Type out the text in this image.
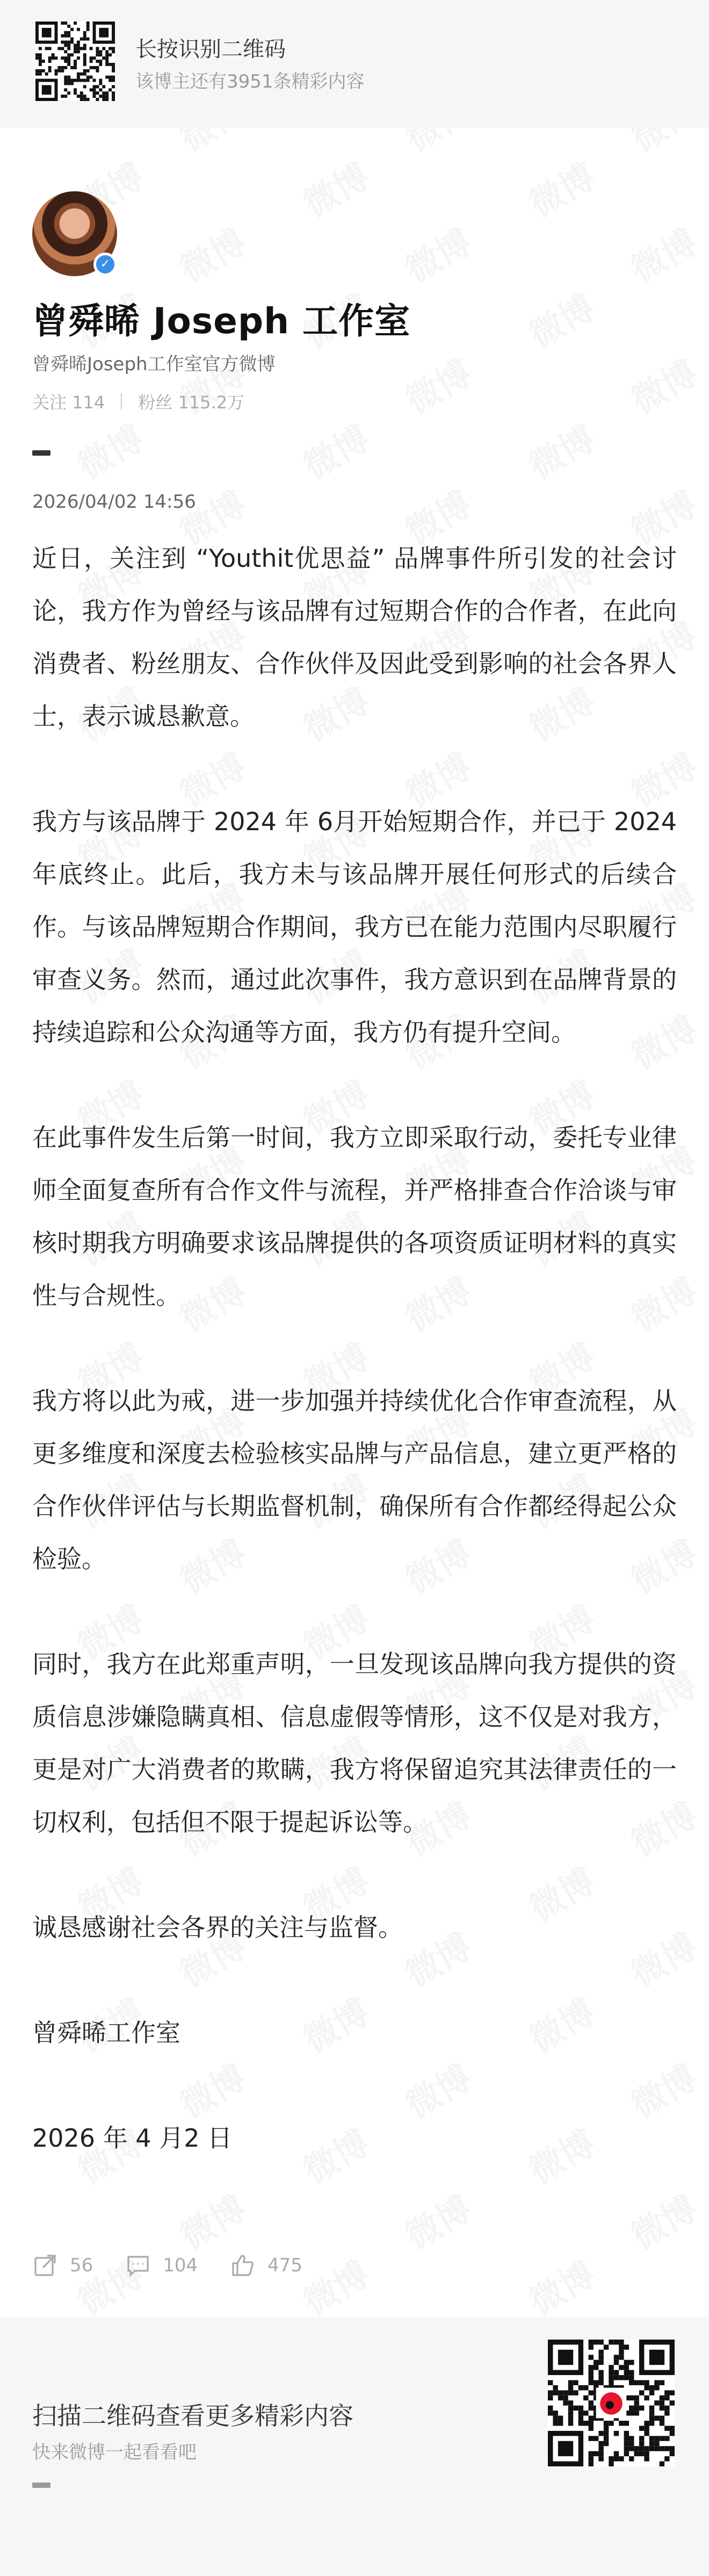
长按识别二维码
该博主还有3951条精彩内容
✓
曾舜晞 Joseph 工作室
曾舜晞Joseph工作室官方微博
关注 114 粉丝 115.2万
2026/04/02 14:56

近日，关注到 “Youthit优思益” 品牌事件所引发的社会讨论，我方作为曾经与该品牌有过短期合作的合作者，在此向消费者、粉丝朋友、合作伙伴及因此受到影响的社会各界人士，表示诚恳歉意。

我方与该品牌于 2024 年 6月开始短期合作，并已于 2024 年底终止。此后，我方未与该品牌开展任何形式的后续合作。与该品牌短期合作期间，我方已在能力范围内尽职履行审查义务。然而，通过此次事件，我方意识到在品牌背景的持续追踪和公众沟通等方面，我方仍有提升空间。

在此事件发生后第一时间，我方立即采取行动，委托专业律师全面复查所有合作文件与流程，并严格排查合作洽谈与审核时期我方明确要求该品牌提供的各项资质证明材料的真实性与合规性。

我方将以此为戒，进一步加强并持续优化合作审查流程，从更多维度和深度去检验核实品牌与产品信息，建立更严格的合作伙伴评估与长期监督机制，确保所有合作都经得起公众检验。

同时，我方在此郑重声明，一旦发现该品牌向我方提供的资质信息涉嫌隐瞒真相、信息虚假等情形，这不仅是对我方，更是对广大消费者的欺瞒，我方将保留追究其法律责任的一切权利，包括但不限于提起诉讼等。

诚恳感谢社会各界的关注与监督。

曾舜晞工作室

2026 年 4 月2 日

56	104	475
扫描二维码查看更多精彩内容
快来微博一起看看吧
